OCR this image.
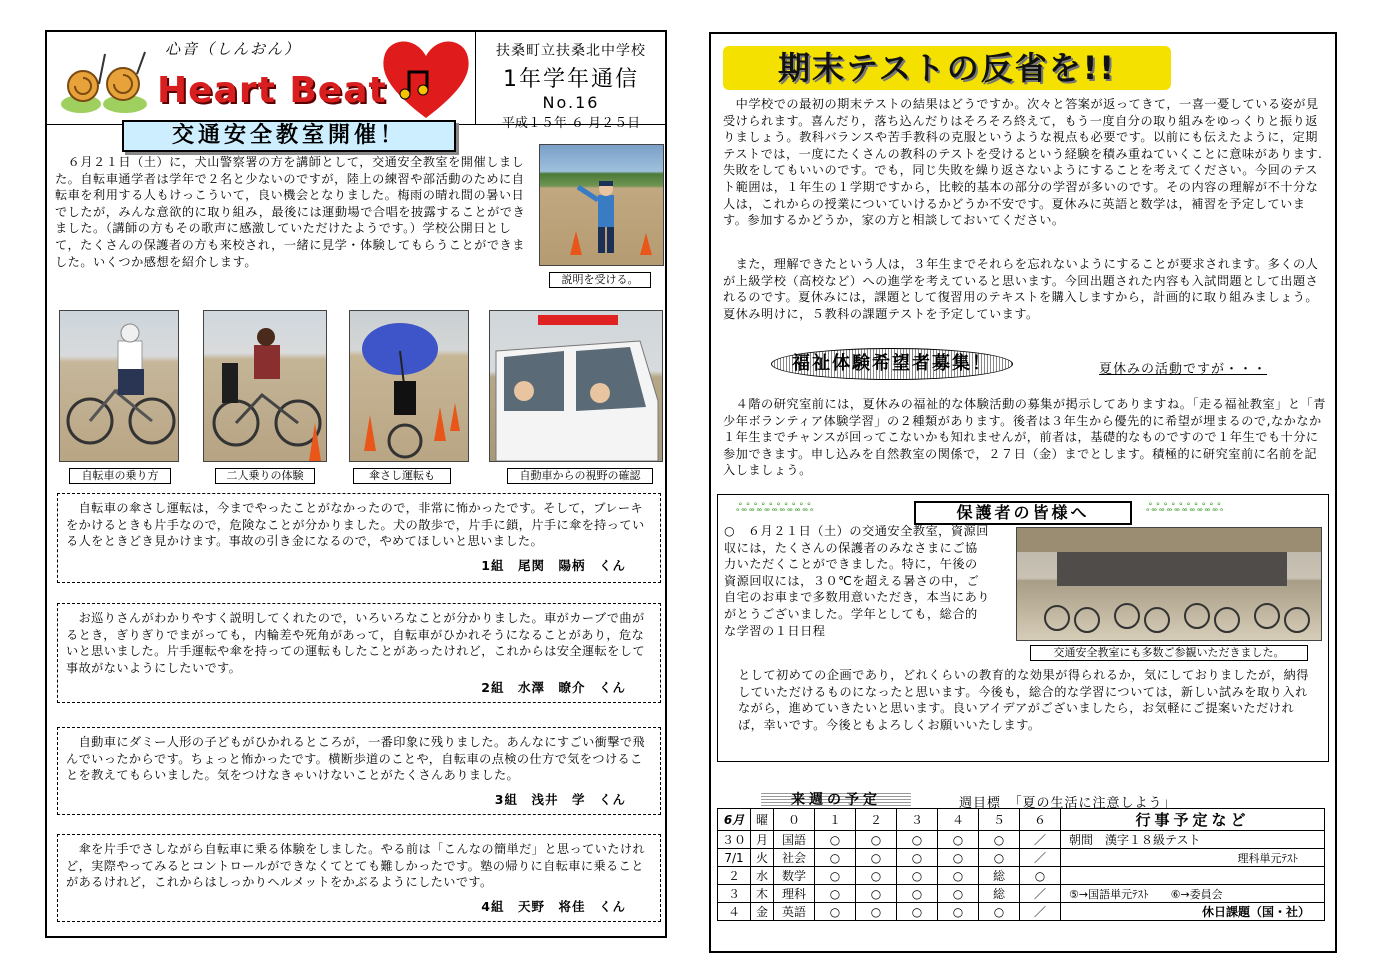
心音（しんおん）
Heart Beat
扶桑町立扶桑北中学校
1年学年通信
No.16
平成１５年 ６ 月２５日
交通安全教室開催！
　６月２１日（土）に，犬山警察署の方を講師として，交通安全教室を開催しました。自転車通学者は学年で２名と少ないのですが，陸上の練習や部活動のために自転車を利用する人もけっこういて，良い機会となりました。梅雨の晴れ間の暑い日でしたが，みんな意欲的に取り組み，最後には運動場で合唱を披露することができました。（講師の方もその歌声に感激していただけたようです。）学校公開日として，たくさんの保護者の方も来校され，一緒に見学・体験してもらうことができました。いくつか感想を紹介します。
説明を受ける。
自転車の乗り方	二人乗りの体験	傘さし運転も	自動車からの視野の確認
　自転車の傘さし運転は，今までやったことがなかったので，非常に怖かったです。そして，ブレーキをかけるときも片手なので，危険なことが分かりました。犬の散歩で，片手に鎖，片手に傘を持っている人をときどき見かけます。事故の引き金になるので，やめてほしいと思いました。
1組　尾関　陽柄　くん
　お巡りさんがわかりやすく説明してくれたので，いろいろなことが分かりました。車がカーブで曲がるとき，ぎりぎりでまがっても，内輪差や死角があって，自転車がひかれそうになることがあり，危ないと思いました。片手運転や傘を持っての運転もしたことがあったけれど，これからは安全運転をして事故がないようにしたいです。
2組　水澤　暸介　くん
　自動車にダミー人形の子どもがひかれるところが，一番印象に残りました。あんなにすごい衝撃で飛んでいったからです。ちょっと怖かったです。横断歩道のことや，自転車の点検の仕方で気をつけることを教えてもらいました。気をつけなきゃいけないことがたくさんありました。
3組　浅井　学　くん
　傘を片手でさしながら自転車に乗る体験をしました。やる前は「こんなの簡単だ」と思っていたけれど，実際やってみるとコントロールができなくてとても難しかったです。塾の帰りに自転車に乗ることがあるけれど，これからはしっかりヘルメットをかぶるようにしたいです。
4組　天野　将佳　くん
期末テストの反省を!!
　中学校での最初の期末テストの結果はどうですか。次々と答案が返ってきて，一喜一憂している姿が見受けられます。喜んだり，落ち込んだりはそろそろ終えて，もう一度自分の取り組みをゆっくりと振り返りましょう。教科バランスや苦手教科の克服というような視点も必要です。以前にも伝えたように，定期テストでは，一度にたくさんの教科のテストを受けるという経験を積み重ねていくことに意味があります.失敗をしてもいいのです。でも，同じ失敗を繰り返さないようにすることを考えてください。今回のテスト範囲は，１年生の１学期ですから，比較的基本の部分の学習が多いのです。その内容の理解が不十分な人は，これからの授業についていけるかどうか不安です。夏休みに英語と数学は，補習を予定しています。参加するかどうか，家の方と相談しておいてください。
　また，理解できたという人は，３年生までそれらを忘れないようにすることが要求されます。多くの人が上級学校（高校など）への進学を考えていると思います。今回出題された内容も入試問題として出題されるのです。夏休みには，課題として復習用のテキストを購入しますから，計画的に取り組みましょう。夏休み明けに，５教科の課題テストを予定しています。
福祉体験希望者募集！	夏休みの活動ですが・・・
　４階の研究室前には，夏休みの福祉的な体験活動の募集が掲示してありますね。「走る福祉教室」と「青少年ボランティア体験学習」の２種類があります。後者は３年生から優先的に希望が埋まるので,なかなか１年生までチャンスが回ってこないかも知れませんが，前者は，基礎的なものですので１年生でも十分に参加できます。申し込みを自然教室の関係で，２７日（金）までとします。積極的に研究室前に名前を記入しましょう。
ஃஃஃஃஃஃஃஃஃஃ	保護者の皆様へ	ஃஃஃஃஃஃஃஃஃஃ
○　６月２１日（土）の交通安全教室，資源回収には，たくさんの保護者のみなさまにご協力いただくことができました。特に，午後の資源回収には，３０℃を超える暑さの中，ご自宅のお車まで多数用意いただき，本当にありがとうございました。学年としても，総合的な学習の１日日程
交通安全教室にも多数ご参観いただきました。
として初めての企画であり，どれくらいの教育的な効果が得られるか，気にしておりましたが，納得していただけるものになったと思います。今後も，総合的な学習については，新しい試みを取り入れながら，進めていきたいと思います。良いアイデアがございましたら，お気軽にご提案いただければ，幸いです。今後ともよろしくお願いいたします。
来週の予定	週目標　「夏の生活に注意しよう」
6月	曜	０	１	２	３	４	５	６	行事予定など
３０	月	国語	○	○	○	○	○	／	朝間　漢字１８級テスト
7/1	火	社会	○	○	○	○	○	／	理科単元ﾃｽﾄ
２	水	数学	○	○	○	○	総	○	
３	木	理科	○	○	○	○	総	／	⑤→国語単元ﾃｽﾄ　　⑥→委員会
４	金	英語	○	○	○	○	○	／	休日課題（国・社）
